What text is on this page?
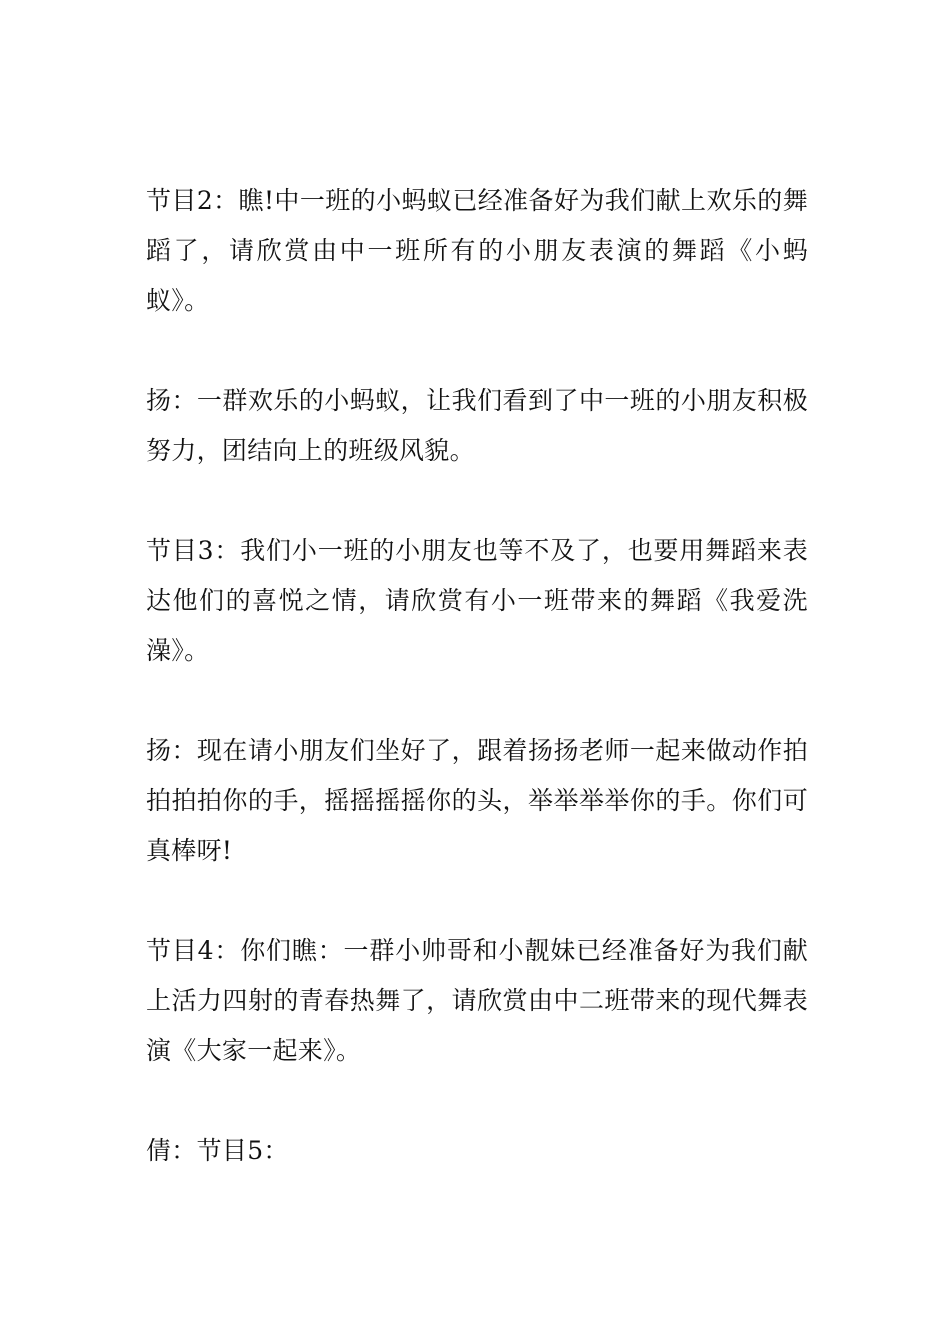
节目2：瞧!中一班的小蚂蚁已经准备好为我们献上欢乐的舞蹈了，请欣赏由中一班所有的小朋友表演的舞蹈《小蚂蚁》。

扬：一群欢乐的小蚂蚁，让我们看到了中一班的小朋友积极努力，团结向上的班级风貌。

节目3：我们小一班的小朋友也等不及了，也要用舞蹈来表达他们的喜悦之情，请欣赏有小一班带来的舞蹈《我爱洗澡》。

扬：现在请小朋友们坐好了，跟着扬扬老师一起来做动作拍拍拍拍你的手，摇摇摇摇你的头，举举举举你的手。你们可真棒呀!

节目4：你们瞧：一群小帅哥和小靓妹已经准备好为我们献上活力四射的青春热舞了，请欣赏由中二班带来的现代舞表演《大家一起来》。

倩：节目5：
